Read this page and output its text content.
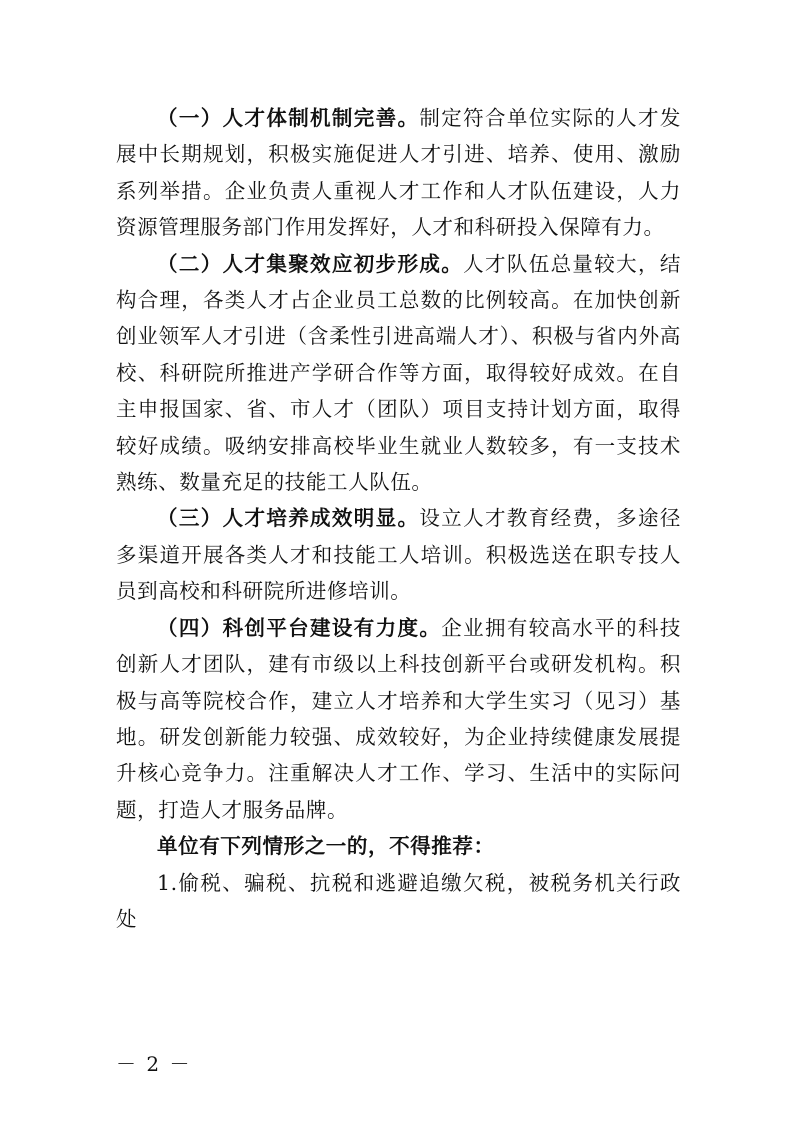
（一）人才体制机制完善。制定符合单位实际的人才发展中长期规划，积极实施促进人才引进、培养、使用、激励系列举措。企业负责人重视人才工作和人才队伍建设，人力资源管理服务部门作用发挥好，人才和科研投入保障有力。

（二）人才集聚效应初步形成。人才队伍总量较大，结构合理，各类人才占企业员工总数的比例较高。在加快创新创业领军人才引进（含柔性引进高端人才）、积极与省内外高校、科研院所推进产学研合作等方面，取得较好成效。在自主申报国家、省、市人才（团队）项目支持计划方面，取得较好成绩。吸纳安排高校毕业生就业人数较多，有一支技术熟练、数量充足的技能工人队伍。

（三）人才培养成效明显。设立人才教育经费，多途径多渠道开展各类人才和技能工人培训。积极选送在职专技人员到高校和科研院所进修培训。

（四）科创平台建设有力度。企业拥有较高水平的科技创新人才团队，建有市级以上科技创新平台或研发机构。积极与高等院校合作，建立人才培养和大学生实习（见习）基地。研发创新能力较强、成效较好，为企业持续健康发展提升核心竞争力。注重解决人才工作、学习、生活中的实际问题，打造人才服务品牌。

单位有下列情形之一的，不得推荐：

1.偷税、骗税、抗税和逃避追缴欠税，被税务机关行政处

－ 2 －
